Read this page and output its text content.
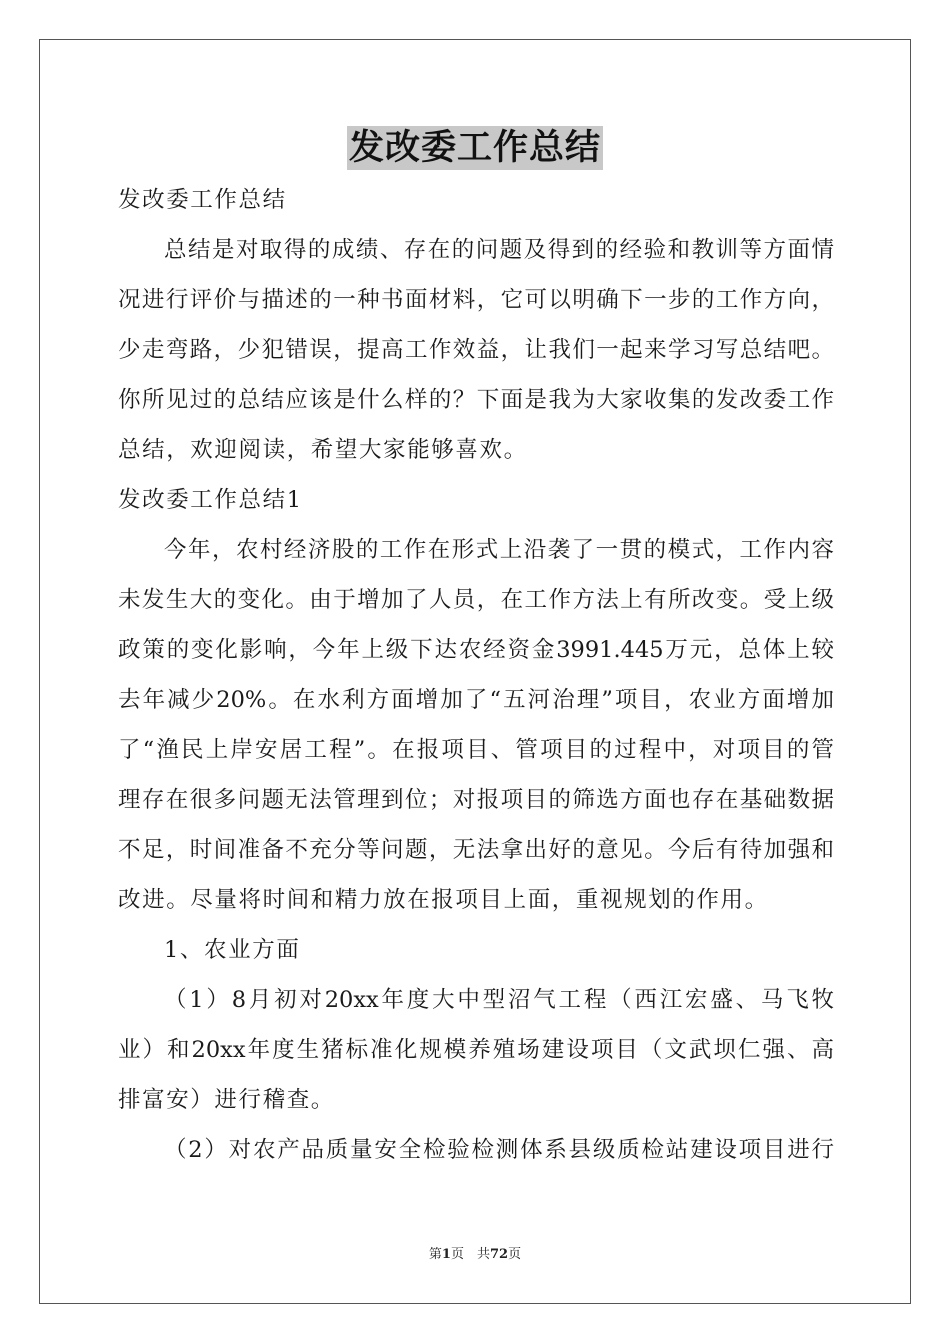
发改委工作总结
发改委工作总结
总结是对取得的成绩、存在的问题及得到的经验和教训等方面情
况进行评价与描述的一种书面材料，它可以明确下一步的工作方向，
少走弯路，少犯错误，提高工作效益，让我们一起来学习写总结吧。
你所见过的总结应该是什么样的？下面是我为大家收集的发改委工作
总结，欢迎阅读，希望大家能够喜欢。
发改委工作总结1
今年，农村经济股的工作在形式上沿袭了一贯的模式，工作内容
未发生大的变化。由于增加了人员，在工作方法上有所改变。受上级
政策的变化影响，今年上级下达农经资金3991.445万元，总体上较
去年减少20%。在水利方面增加了“五河治理”项目，农业方面增加
了“渔民上岸安居工程”。在报项目、管项目的过程中，对项目的管
理存在很多问题无法管理到位；对报项目的筛选方面也存在基础数据
不足，时间准备不充分等问题，无法拿出好的意见。今后有待加强和
改进。尽量将时间和精力放在报项目上面，重视规划的作用。
1、农业方面
（1）8月初对20xx年度大中型沼气工程（西江宏盛、马飞牧
业）和20xx年度生猪标准化规模养殖场建设项目（文武坝仁强、高
排富安）进行稽查。
（2）对农产品质量安全检验检测体系县级质检站建设项目进行
第1页　共72页
